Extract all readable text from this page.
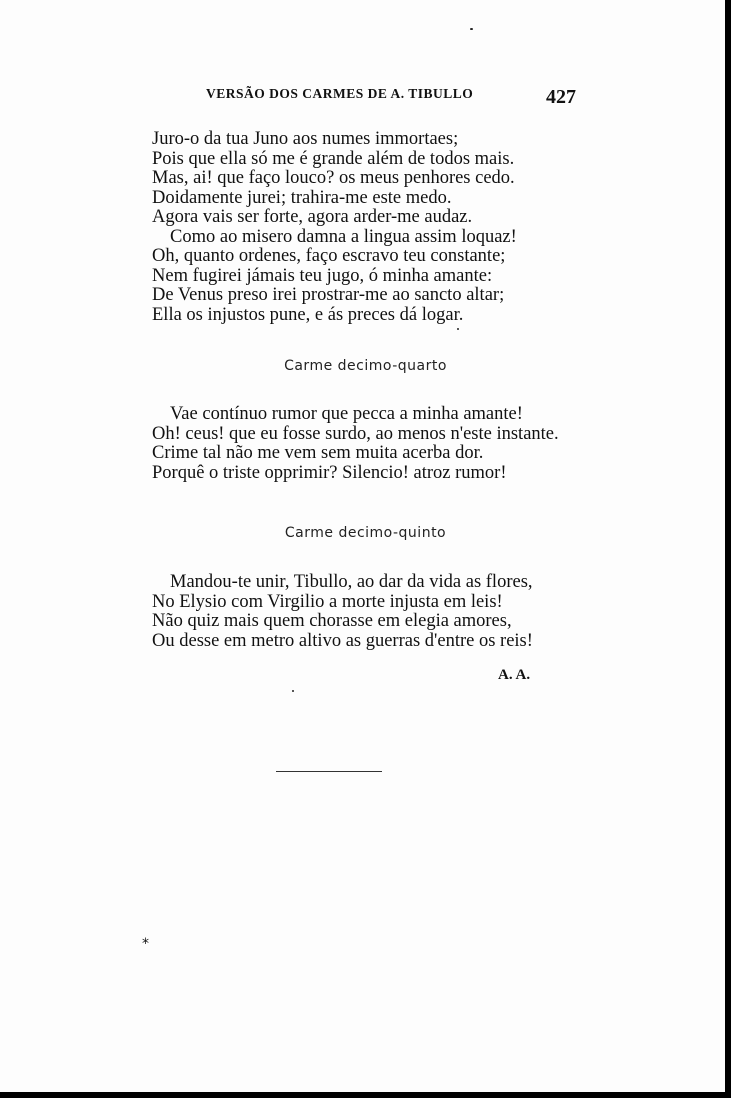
VERSÃO DOS CARMES DE A. TIBULLO	427
Juro-o da tua Juno aos numes immortaes;
Pois que ella só me é grande além de todos mais.
Mas, ai! que faço louco? os meus penhores cedo.
Doidamente jurei; trahira-me este medo.
Agora vais ser forte, agora arder-me audaz.
Como ao misero damna a lingua assim loquaz!
Oh, quanto ordenes, faço escravo teu constante;
Nem fugirei jámais teu jugo, ó minha amante:
De Venus preso irei prostrar-me ao sancto altar;
Ella os injustos pune, e ás preces dá logar.
Carme decimo-quarto
Vae contínuo rumor que pecca a minha amante!
Oh! ceus! que eu fosse surdo, ao menos n'este instante.
Crime tal não me vem sem muita acerba dor.
Porquê o triste opprimir? Silencio! atroz rumor!
Carme decimo-quinto
Mandou-te unir, Tibullo, ao dar da vida as flores,
No Elysio com Virgilio a morte injusta em leis!
Não quiz mais quem chorasse em elegia amores,
Ou desse em metro altivo as guerras d'entre os reis!
A. A.
*
